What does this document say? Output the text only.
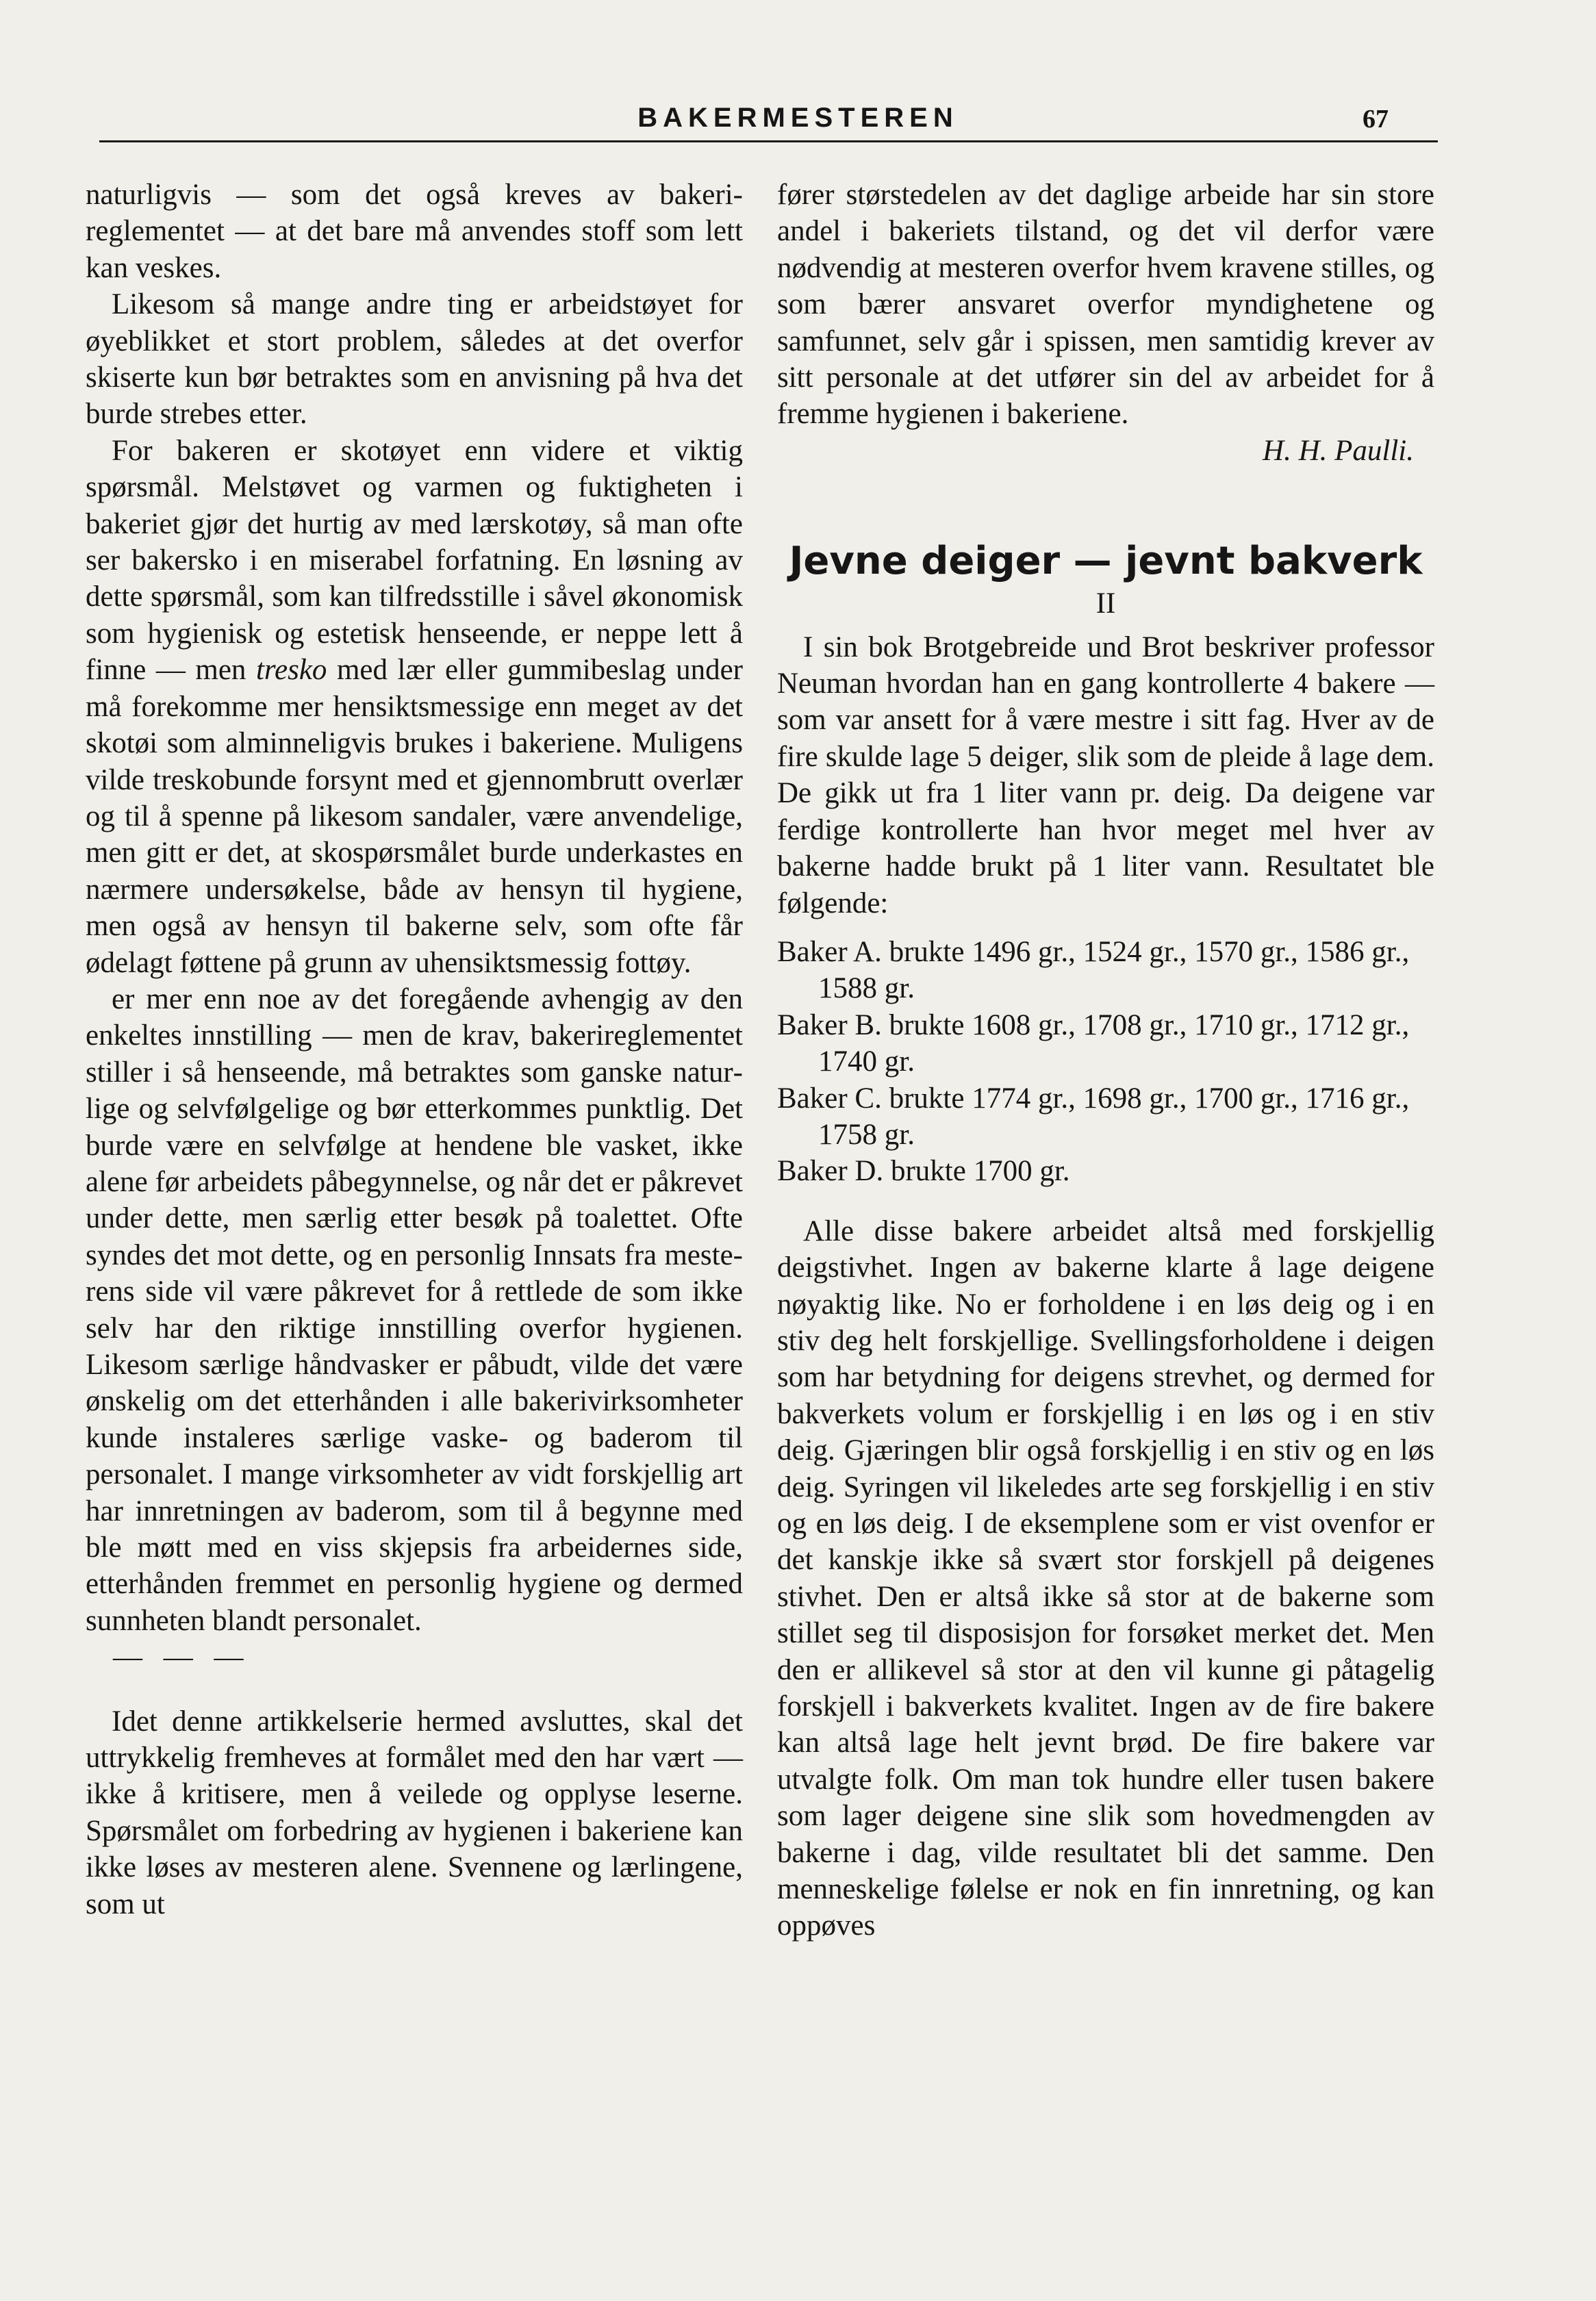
BAKERMESTEREN	67

naturligvis — som det også kreves av bakerireglementet — at det bare må anvendes stoff som lett kan veskes.

Likesom så mange andre ting er arbeidstøyet for øyeblikket et stort problem, således at det overfor skiserte kun bør betraktes som en anvisning på hva det burde strebes etter.

For bakeren er skotøyet enn videre et viktig spørsmål. Melstøvet og varmen og fuktigheten i bakeriet gjør det hurtig av med lærskotøy, så man ofte ser bakersko i en miserabel forfatning. En løsning av dette spørsmål, som kan tilfredsstille i såvel økonomisk som hygienisk og estetisk henseende, er neppe lett å finne — men tresko med lær eller gummibeslag under må forekomme mer hensiktsmessige enn meget av det skotøi som alminneligvis brukes i bakeriene. Muligens vilde treskobunde forsynt med et gjennombrutt overlær og til å spenne på likesom sandaler, være anvendelige, men gitt er det, at skospørsmålet burde underkastes en nærmere undersøkelse, både av hensyn til hygiene, men også av hensyn til bakerne selv, som ofte får ødelagt føttene på grunn av uhensiktsmessig fottøy.

er mer enn noe av det foregående avhengig av den enkeltes innstilling — men de krav, bakerireglementet stiller i så henseende, må betraktes som ganske naturlige og selvfølgelige og bør etterkommes punktlig. Det burde være en selvfølge at hendene ble vasket, ikke alene før arbeidets påbegynnelse, og når det er påkrevet under dette, men særlig etter besøk på toalettet. Ofte syndes det mot dette, og en personlig Innsats fra mesterens side vil være påkrevet for å rettlede de som ikke selv har den riktige innstilling overfor hygienen. Likesom særlige håndvasker er påbudt, vilde det være ønskelig om det etterhånden i alle bakerivirksomheter kunde instaleres særlige vaske- og baderom til personalet. I mange virksomheter av vidt forskjellig art har innretningen av baderom, som til å begynne med ble møtt med en viss skjepsis fra arbeidernes side, etterhånden fremmet en personlig hygiene og dermed sunnheten blandt personalet.

— — —

Idet denne artikkelserie hermed avsluttes, skal det uttrykkelig fremheves at formålet med den har vært — ikke å kritisere, men å veilede og opplyse leserne. Spørsmålet om forbedring av hygienen i bakeriene kan ikke løses av mesteren alene. Svennene og lærlingene, som ut

fører størstedelen av det daglige arbeide har sin store andel i bakeriets tilstand, og det vil derfor være nødvendig at mesteren overfor hvem kravene stilles, og som bærer ansvaret overfor myndighetene og samfunnet, selv går i spissen, men samtidig krever av sitt personale at det utfører sin del av arbeidet for å fremme hygienen i bakeriene.

H. H. Paulli.

Jevne deiger — jevnt bakverk
II

I sin bok Brotgebreide und Brot beskriver professor Neuman hvordan han en gang kontrollerte 4 bakere — som var ansett for å være mestre i sitt fag. Hver av de fire skulde lage 5 deiger, slik som de pleide å lage dem. De gikk ut fra 1 liter vann pr. deig. Da deigene var ferdige kontrollerte han hvor meget mel hver av bakerne hadde brukt på 1 liter vann. Resultatet ble følgende:

Baker A. brukte 1496 gr., 1524 gr., 1570 gr., 1586 gr., 1588 gr.

Baker B. brukte 1608 gr., 1708 gr., 1710 gr., 1712 gr., 1740 gr.

Baker C. brukte 1774 gr., 1698 gr., 1700 gr., 1716 gr., 1758 gr.

Baker D. brukte 1700 gr.

Alle disse bakere arbeidet altså med forskjellig deigstivhet. Ingen av bakerne klarte å lage deigene nøyaktig like. No er forholdene i en løs deig og i en stiv deg helt forskjellige. Svellingsforholdene i deigen som har betydning for deigens strevhet, og dermed for bakverkets volum er forskjellig i en løs og i en stiv deig. Gjæringen blir også forskjellig i en stiv og en løs deig. Syringen vil likeledes arte seg forskjellig i en stiv og en løs deig. I de eksemplene som er vist ovenfor er det kanskje ikke så svært stor forskjell på deigenes stivhet. Den er altså ikke så stor at de bakerne som stillet seg til disposisjon for forsøket merket det. Men den er allikevel så stor at den vil kunne gi påtagelig forskjell i bakverkets kvalitet. Ingen av de fire bakere kan altså lage helt jevnt brød. De fire bakere var utvalgte folk. Om man tok hundre eller tusen bakere som lager deigene sine slik som hovedmengden av bakerne i dag, vilde resultatet bli det samme. Den menneskelige følelse er nok en fin innretning, og kan oppøves
